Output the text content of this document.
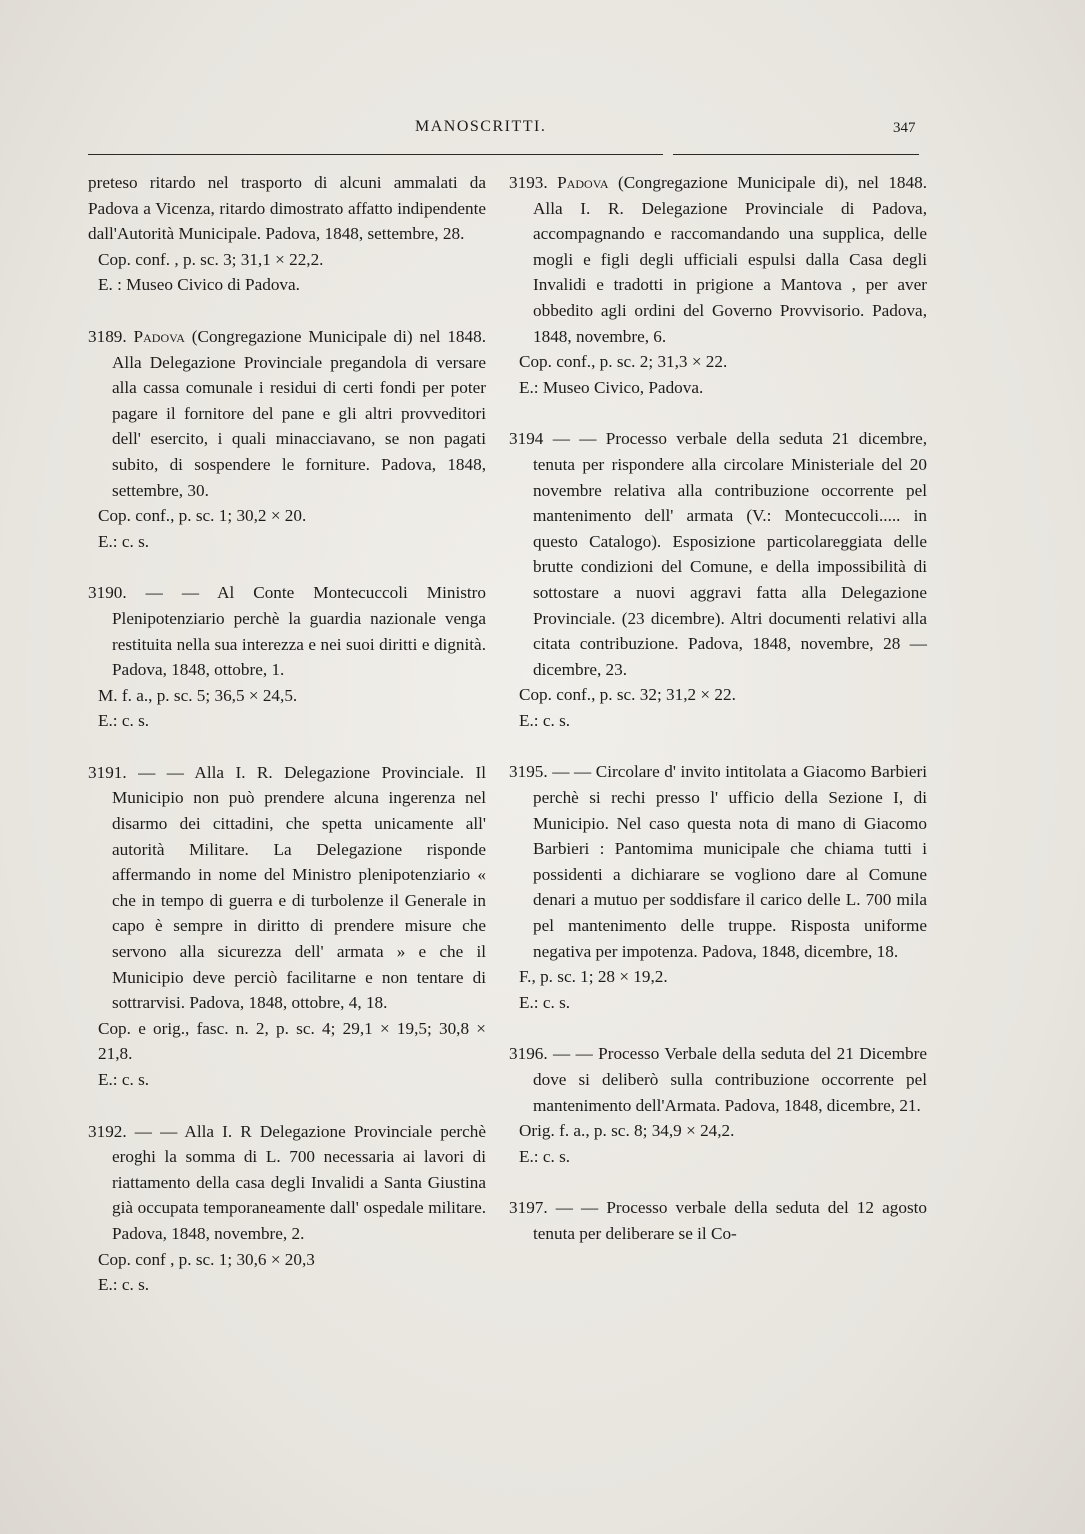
MANOSCRITTI.	347

preteso ritardo nel trasporto di alcuni ammalati da Padova a Vicenza, ritardo dimostrato affatto indipendente dall'Autorità Municipale. Padova, 1848, settembre, 28.

Cop. conf. , p. sc. 3; 31,1 × 22,2.

E. : Museo Civico di Padova.

3189. Padova (Congregazione Municipale di) nel 1848. Alla Delegazione Provinciale pregandola di versare alla cassa comunale i residui di certi fondi per poter pagare il fornitore del pane e gli altri provveditori dell' esercito, i quali minacciavano, se non pagati subito, di sospendere le forniture. Padova, 1848, settembre, 30.

Cop. conf., p. sc. 1; 30,2 × 20.

E.: c. s.

3190. — — Al Conte Montecuccoli Ministro Plenipotenziario perchè la guardia nazionale venga restituita nella sua interezza e nei suoi diritti e dignità. Padova, 1848, ottobre, 1.

M. f. a., p. sc. 5; 36,5 × 24,5.

E.: c. s.

3191. — — Alla I. R. Delegazione Provinciale. Il Municipio non può prendere alcuna ingerenza nel disarmo dei cittadini, che spetta unicamente all' autorità Militare. La Delegazione risponde affermando in nome del Ministro plenipotenziario « che in tempo di guerra e di turbolenze il Generale in capo è sempre in diritto di prendere misure che servono alla sicurezza dell' armata » e che il Municipio deve perciò facilitarne e non tentare di sottrarvisi. Padova, 1848, ottobre, 4, 18.

Cop. e orig., fasc. n. 2, p. sc. 4; 29,1 × 19,5; 30,8 × 21,8.

E.: c. s.

3192. — — Alla I. R Delegazione Provinciale perchè eroghi la somma di L. 700 necessaria ai lavori di riattamento della casa degli Invalidi a Santa Giustina già occupata temporaneamente dall' ospedale militare. Padova, 1848, novembre, 2.

Cop. conf , p. sc. 1; 30,6 × 20,3

E.: c. s.

3193. Padova (Congregazione Municipale di), nel 1848. Alla I. R. Delegazione Provinciale di Padova, accompagnando e raccomandando una supplica, delle mogli e figli degli ufficiali espulsi dalla Casa degli Invalidi e tradotti in prigione a Mantova , per aver obbedito agli ordini del Governo Provvisorio. Padova, 1848, novembre, 6.

Cop. conf., p. sc. 2; 31,3 × 22.

E.: Museo Civico, Padova.

3194 — — Processo verbale della seduta 21 dicembre, tenuta per rispondere alla circolare Ministeriale del 20 novembre relativa alla contribuzione occorrente pel mantenimento dell' armata (V.: Montecuccoli..... in questo Catalogo). Esposizione particolareggiata delle brutte condizioni del Comune, e della impossibilità di sottostare a nuovi aggravi fatta alla Delegazione Provinciale. (23 dicembre). Altri documenti relativi alla citata contribuzione. Padova, 1848, novembre, 28 — dicembre, 23.

Cop. conf., p. sc. 32; 31,2 × 22.

E.: c. s.

3195. — — Circolare d' invito intitolata a Giacomo Barbieri perchè si rechi presso l' ufficio della Sezione I, di Municipio. Nel caso questa nota di mano di Giacomo Barbieri : Pantomima municipale che chiama tutti i possidenti a dichiarare se vogliono dare al Comune denari a mutuo per soddisfare il carico delle L. 700 mila pel mantenimento delle truppe. Risposta uniforme negativa per impotenza. Padova, 1848, dicembre, 18.

F., p. sc. 1; 28 × 19,2.

E.: c. s.

3196. — — Processo Verbale della seduta del 21 Dicembre dove si deliberò sulla contribuzione occorrente pel mantenimento dell'Armata. Padova, 1848, dicembre, 21.

Orig. f. a., p. sc. 8; 34,9 × 24,2.

E.: c. s.

3197. — — Processo verbale della seduta del 12 agosto tenuta per deliberare se il Co-
